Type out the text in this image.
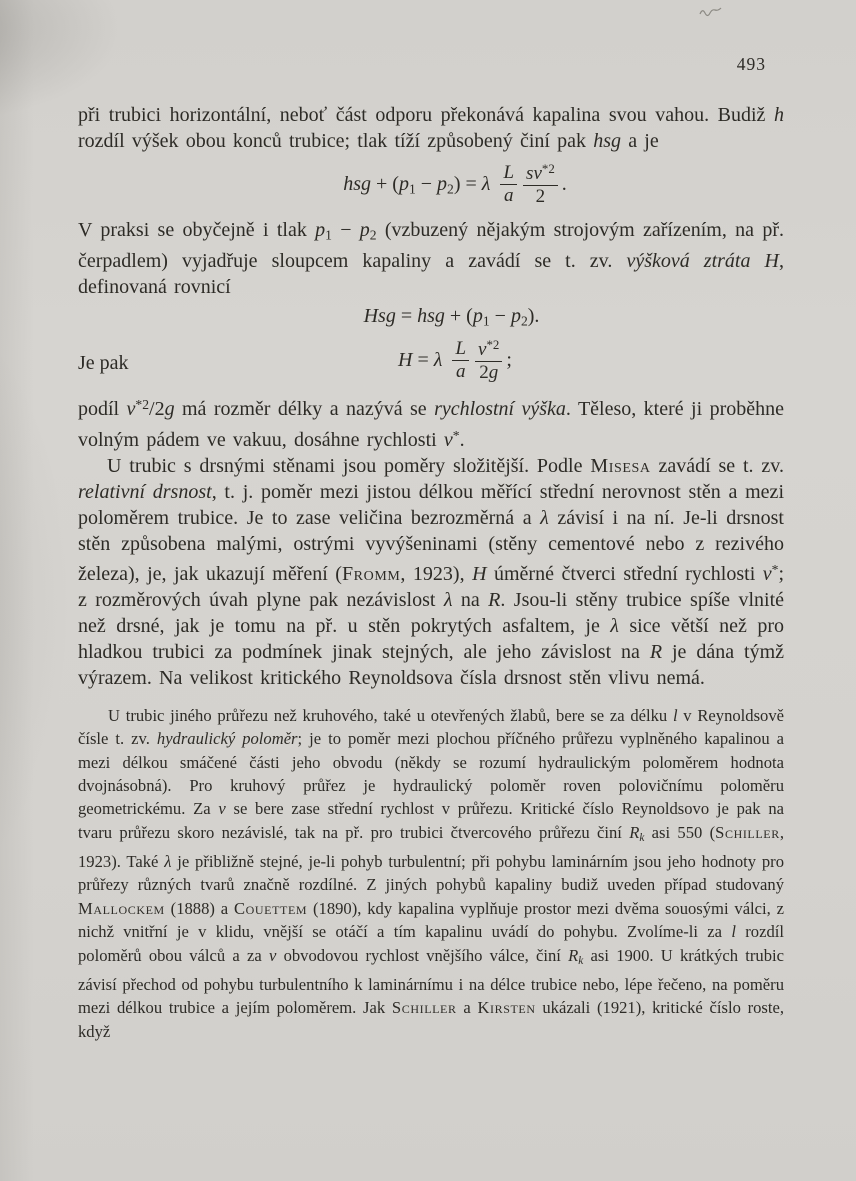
493

při trubici horizontální, neboť část odporu překonává kapalina svou vahou. Budiž h rozdíl výšek obou konců trubice; tlak tíží způsobený činí pak hsg a je

hsg + (p1 − p2) = λ $\frac{L}{a} \frac{sv^{*2}}{2}$ .

V praksi se obyčejně i tlak p1 − p2 (vzbuzený nějakým strojovým zařízením, na př. čerpadlem) vyjadřuje sloupcem kapaliny a zavádí se t. zv. výšková ztráta H, definovaná rovnicí

Hsg = hsg + (p1 − p2).
Je pak	H = λ $\frac{L}{a} \frac{v^{*2}}{2g}$ ;

podíl $v^{*2}/2g$ má rozměr délky a nazývá se rychlostní výška. Těleso, které ji proběhne volným pádem ve vakuu, dosáhne rychlosti v*.

U trubic s drsnými stěnami jsou poměry složitější. Podle Misesa zavádí se t. zv. relativní drsnost, t. j. poměr mezi jistou délkou měřící střední nerovnost stěn a mezi poloměrem trubice. Je to zase veličina bezrozměrná a λ závisí i na ní. Je-li drsnost stěn způsobena malými, ostrými vyvýšeninami (stěny cementové nebo z rezivého železa), je, jak ukazují měření (Fromm, 1923), H úměrné čtverci střední rychlosti v*; z rozměrových úvah plyne pak nezávislost λ na R. Jsou-li stěny trubice spíše vlnité než drsné, jak je tomu na př. u stěn pokrytých asfaltem, je λ sice větší než pro hladkou trubici za podmínek jinak stejných, ale jeho závislost na R je dána týmž výrazem. Na velikost kritického Reynoldsova čísla drsnost stěn vlivu nemá.

U trubic jiného průřezu než kruhového, také u otevřených žlabů, bere se za délku l v Reynoldsově čísle t. zv. hydraulický poloměr; je to poměr mezi plochou příčného průřezu vyplněného kapalinou a mezi délkou smáčené části jeho obvodu (někdy se rozumí hydraulickým poloměrem hodnota dvojnásobná). Pro kruhový průřez je hydraulický poloměr roven polovičnímu poloměru geometrickému. Za v se bere zase střední rychlost v průřezu. Kritické číslo Reynoldsovo je pak na tvaru průřezu skoro nezávislé, tak na př. pro trubici čtvercového průřezu činí Rk asi 550 (Schiller, 1923). Také λ je přibližně stejné, je-li pohyb turbulentní; při pohybu laminárním jsou jeho hodnoty pro průřezy různých tvarů značně rozdílné. Z jiných pohybů kapaliny budiž uveden případ studovaný Mallockem (1888) a Couettem (1890), kdy kapalina vyplňuje prostor mezi dvěma souosými válci, z nichž vnitřní je v klidu, vnější se otáčí a tím kapalinu uvádí do pohybu. Zvolíme-li za l rozdíl poloměrů obou válců a za v obvodovou rychlost vnějšího válce, činí Rk asi 1900. U krátkých trubic závisí přechod od pohybu turbulentního k laminárnímu i na délce trubice nebo, lépe řečeno, na poměru mezi délkou trubice a jejím poloměrem. Jak Schiller a Kirsten ukázali (1921), kritické číslo roste, když
